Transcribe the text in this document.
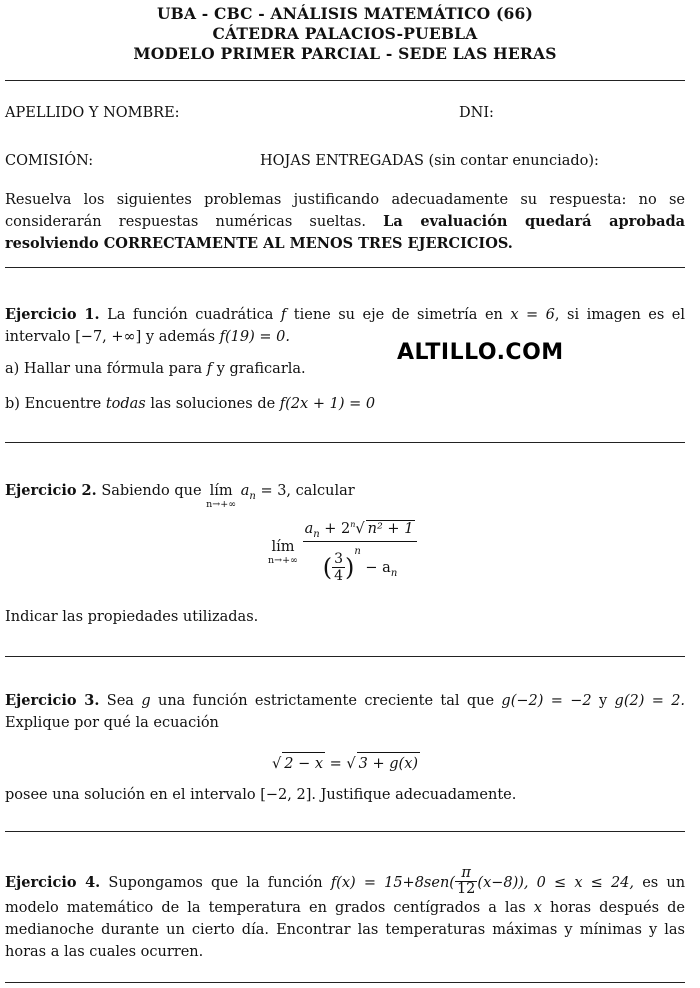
UBA - CBC - ANÁLISIS MATEMÁTICO (66)
CÁTEDRA PALACIOS-PUEBLA
MODELO PRIMER PARCIAL - SEDE LAS HERAS
APELLIDO Y NOMBRE:	DNI:
COMISIÓN:	HOJAS ENTREGADAS (sin contar enunciado):
Resuelva los siguientes problemas justificando adecuadamente su respuesta: no se considerarán respuestas numéricas sueltas. La evaluación quedará aprobada resolviendo CORRECTAMENTE AL MENOS TRES EJERCICIOS.
Ejercicio 1. La función cuadrática f tiene su eje de simetría en x = 6, si imagen es el intervalo [−7, +∞] y además f(19) = 0.
ALTILLO.COM
a) Hallar una fórmula para f y graficarla.
b) Encuentre todas las soluciones de f(2x + 1) = 0
Ejercicio 2. Sabiendo que lím
n→+∞
$a_n = 3$, calcular
lím
n→+∞
$\frac{a_n + 2^n√ n^2 + 1}{( \frac{3}{4} )^n - a_n}$
Indicar las propiedades utilizadas.
Ejercicio 3. Sea g una función estrictamente creciente tal que g(−2) = −2 y g(2) = 2. Explique por qué la ecuación
√ 2 − x = √ 3 + g(x)
posee una solución en el intervalo [−2, 2]. Justifique adecuadamente.
Ejercicio 4. Supongamos que la función $f(x) = 15+8sen( \frac{\pi}{12} (x-8))$, 0 ≤ x ≤ 24, es un modelo matemático de la temperatura en grados centígrados a las x horas después de medianoche durante un cierto día. Encontrar las temperaturas máximas y mínimas y las horas a las cuales ocurren.
